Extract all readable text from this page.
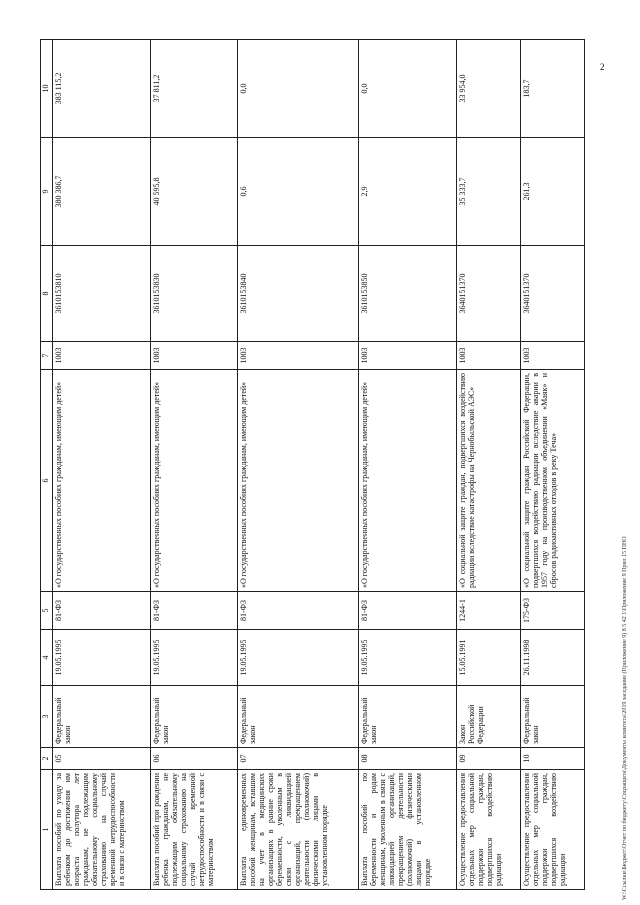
2
1	2	3	4	5	6	7	8	9	10
Выплата пособий по уходу за ребенком до достижения им возраста полутора лет гражданам, не подлежащим обязательному социальному страхованию на случай временной нетрудоспособности и в связи с материнством	05	Федеральный закон	19.05.1995	81-ФЗ	«О государственных пособиях гражданам, имеющим детей»	1003	3610153810	380 386,7	383 115,2
Выплата пособий при рождении ребенка гражданам, не подлежащим обязательному социальному страхованию на случай временной нетрудоспособности и в связи с материнством	06	Федеральный закон	19.05.1995	81-ФЗ	«О государственных пособиях гражданам, имеющим детей»	1003	3610153830	40 595,8	37 811,2
Выплата единовременных пособий женщинам, вставшим на учет в медицинских организациях в ранние сроки беременности, уволенным в связи с ликвидацией организаций, прекращением деятельности (полномочий) физическими лицами в установленном порядке	07	Федеральный закон	19.05.1995	81-ФЗ	«О государственных пособиях гражданам, имеющим детей»	1003	3610153840	0,6	0,0
Выплата пособий по беременности и родам женщинам, уволенным в связи с ликвидацией организаций, прекращением деятельности (полномочий) физическими лицами в установленном порядке	08	Федеральный закон	19.05.1995	81-ФЗ	«О государственных пособиях гражданам, имеющим детей»	1003	3610153850	2,9	0,0
Осуществление предоставления отдельных мер социальной поддержки граждан, подвергшихся воздействию радиации	09	Закон Российской Федерации	15.05.1991	1244-1	«О социальной защите граждан, подвергшихся воздействию радиации вследствие катастрофы на Чернобыльской АЭС»	1003	3640151370	35 333,7	33 954,0
Осуществление предоставления отдельных мер социальной поддержки граждан, подвергшихся воздействию радиации	10	Федеральный закон	26.11.1998	175-ФЗ	«О социальной защите граждан Российской Федерации, подвергшихся воздействию радиации вследствие аварии в 1957 году на производственном объединении «Маяк» и сбросов радиоактивных отходов в реку Теча»	1003	3640151370	261,3	183,7
W:\Ссылки\Бюджет\Отчет по бюджету\Соцзащита\Документы комитета\2019 заседание (Приложение 9) 8 5 42 1\Приложение 9 Прил 15 ПНО
